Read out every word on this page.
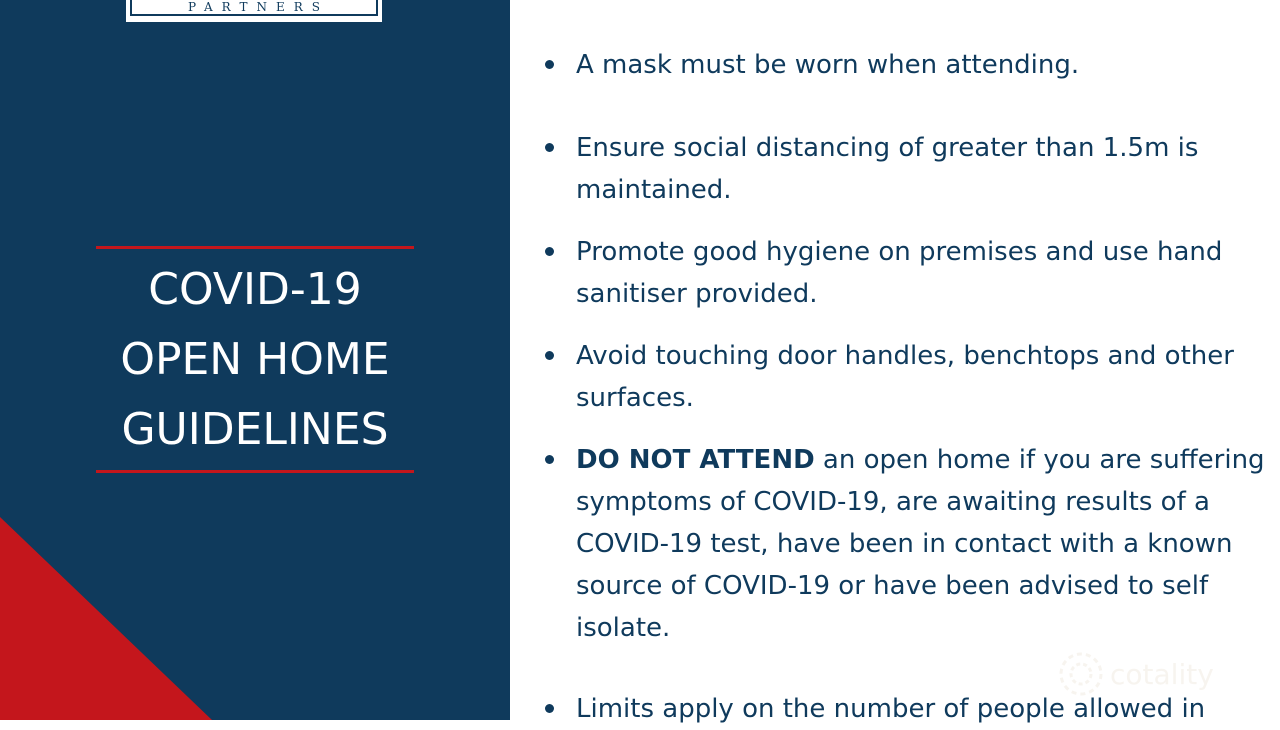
PARTNERS
COVID-19
OPEN HOME
GUIDELINES
A mask must be worn when attending.
Ensure social distancing of greater than 1.5m is maintained.
Promote good hygiene on premises and use hand sanitiser provided.
Avoid touching door handles, benchtops and other surfaces.
DO NOT ATTEND an open home if you are suffering symptoms of COVID-19, are awaiting results of a COVID-19 test, have been in contact with a known source of COVID-19 or have been advised to self isolate.
Limits apply on the number of people allowed in
cotality
